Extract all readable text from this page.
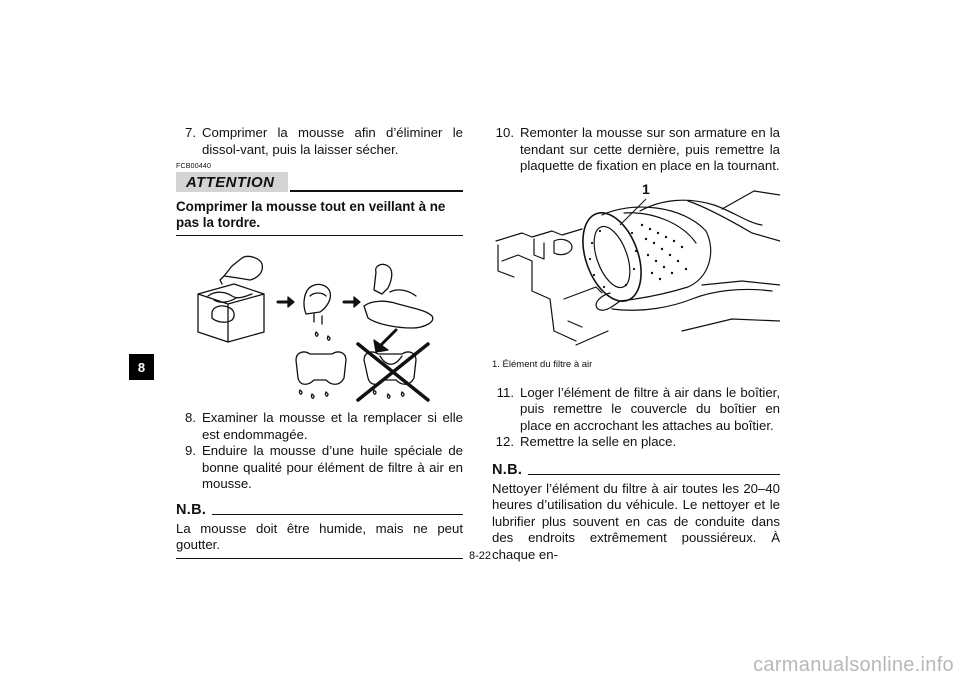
8
7. Comprimer la mousse afin d’éliminer le dissol-vant, puis la laisser sécher.
FCB00440
ATTENTION
Comprimer la mousse tout en veillant à ne pas la tordre.
8. Examiner la mousse et la remplacer si elle est endommagée.
9. Enduire la mousse d’une huile spéciale de bonne qualité pour élément de filtre à air en mousse.
N.B.
La mousse doit être humide, mais ne peut goutter.
10. Remonter la mousse sur son armature en la tendant sur cette dernière, puis remettre la plaquette de fixation en place en la tournant.
1
1. Élément du filtre à air
11. Loger l’élément de filtre à air dans le boîtier, puis remettre le couvercle du boîtier en place en accrochant les attaches au boîtier.
12. Remettre la selle en place.
N.B.
Nettoyer l’élément du filtre à air toutes les 20–40 heures d’utilisation du véhicule. Le nettoyer et le lubrifier plus souvent en cas de conduite dans des endroits extrêmement poussiéreux. À chaque en-
8-22
carmanualsonline.info
